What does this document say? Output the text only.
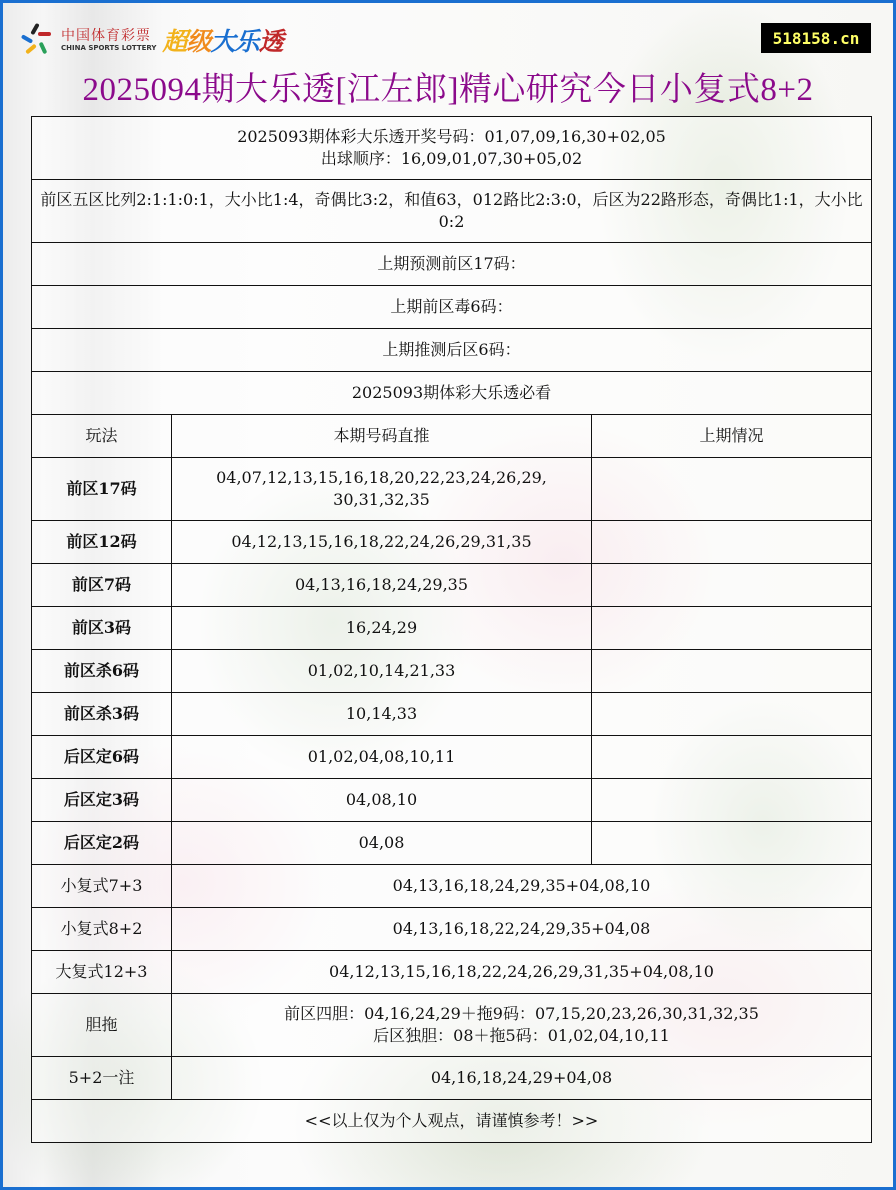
中国体育彩票
CHINA SPORTS LOTTERY 超级大乐透	518158.cn
2025094期大乐透[江左郎]精心研究今日小复式8+2
2025093期体彩大乐透开奖号码：01,07,09,16,30+02,05
出球顺序：16,09,01,07,30+05,02		

前区五区比列2:1:1:0:1，大小比1:4，奇偶比3:2，和值63，012路比2:3:0，后区为22路形态，奇偶比1:1，大小比0:2		
上期预测前区17码：		
上期前区毒6码：		
上期推测后区6码：		
2025093期体彩大乐透必看		
玩法	本期号码直推	上期情况
前区17码	04,07,12,13,15,16,18,20,22,23,24,26,29,
30,31,32,35	

前区12码	04,12,13,15,16,18,22,24,26,29,31,35	
前区7码	04,13,16,18,24,29,35	
前区3码	16,24,29	
前区杀6码	01,02,10,14,21,33	
前区杀3码	10,14,33	
后区定6码	01,02,04,08,10,11	
后区定3码	04,08,10	
后区定2码	04,08	
小复式7+3	04,13,16,18,24,29,35+04,08,10	
小复式8+2	04,13,16,18,22,24,29,35+04,08	
大复式12+3	04,12,13,15,16,18,22,24,26,29,31,35+04,08,10	
胆拖	前区四胆：04,16,24,29＋拖9码：07,15,20,23,26,30,31,32,35
后区独胆：08＋拖5码：01,02,04,10,11	

5+2一注	04,16,18,24,29+04,08	
<<以上仅为个人观点，请谨慎参考！>>		
